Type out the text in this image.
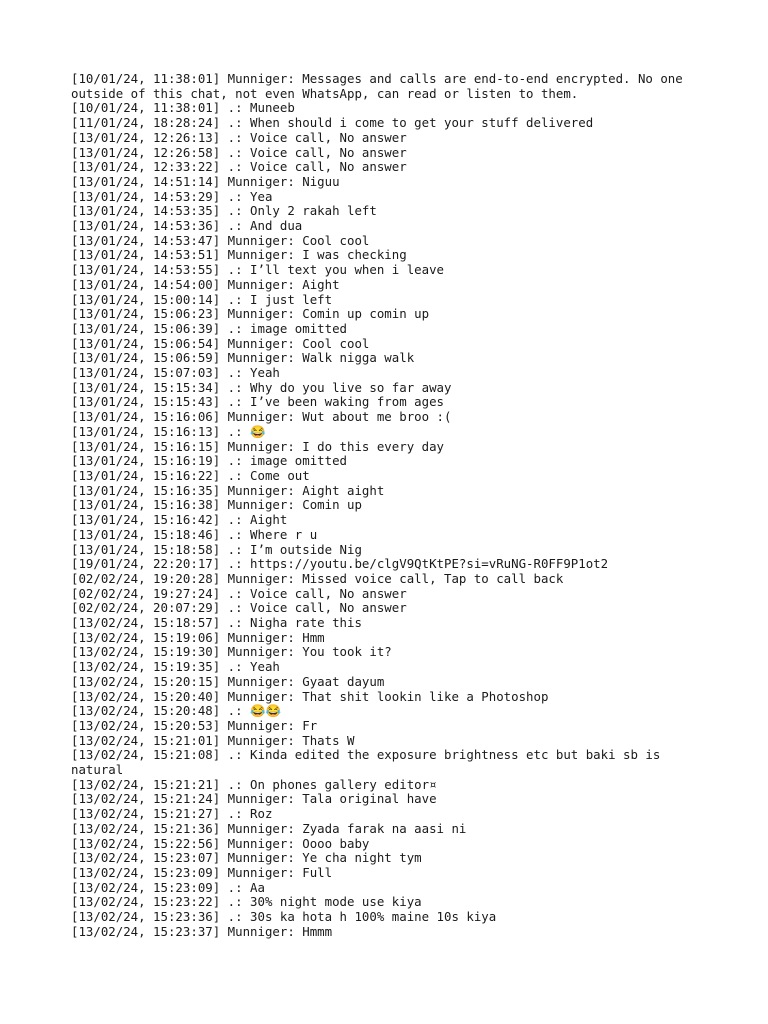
[10/01/24, 11:38:01] Munniger: Messages and calls are end-to-end encrypted. No one outside of this chat, not even WhatsApp, can read or listen to them.
[10/01/24, 11:38:01] .: Muneeb
[11/01/24, 18:28:24] .: When should i come to get your stuff delivered
[13/01/24, 12:26:13] .: Voice call, No answer
[13/01/24, 12:26:58] .: Voice call, No answer
[13/01/24, 12:33:22] .: Voice call, No answer
[13/01/24, 14:51:14] Munniger: Niguu
[13/01/24, 14:53:29] .: Yea
[13/01/24, 14:53:35] .: Only 2 rakah left
[13/01/24, 14:53:36] .: And dua
[13/01/24, 14:53:47] Munniger: Cool cool
[13/01/24, 14:53:51] Munniger: I was checking
[13/01/24, 14:53:55] .: I’ll text you when i leave
[13/01/24, 14:54:00] Munniger: Aight
[13/01/24, 15:00:14] .: I just left
[13/01/24, 15:06:23] Munniger: Comin up comin up
[13/01/24, 15:06:39] .: image omitted
[13/01/24, 15:06:54] Munniger: Cool cool
[13/01/24, 15:06:59] Munniger: Walk nigga walk
[13/01/24, 15:07:03] .: Yeah
[13/01/24, 15:15:34] .: Why do you live so far away
[13/01/24, 15:15:43] .: I’ve been waking from ages
[13/01/24, 15:16:06] Munniger: Wut about me broo :(
[13/01/24, 15:16:13] .: 😂
[13/01/24, 15:16:15] Munniger: I do this every day
[13/01/24, 15:16:19] .: image omitted
[13/01/24, 15:16:22] .: Come out
[13/01/24, 15:16:35] Munniger: Aight aight
[13/01/24, 15:16:38] Munniger: Comin up
[13/01/24, 15:16:42] .: Aight
[13/01/24, 15:18:46] .: Where r u
[13/01/24, 15:18:58] .: I’m outside Nig
[19/01/24, 22:20:17] .: https://youtu.be/clgV9QtKtPE?si=vRuNG-R0FF9P1ot2
[02/02/24, 19:20:28] Munniger: Missed voice call, Tap to call back
[02/02/24, 19:27:24] .: Voice call, No answer
[02/02/24, 20:07:29] .: Voice call, No answer
[13/02/24, 15:18:57] .: Nigha rate this
[13/02/24, 15:19:06] Munniger: Hmm
[13/02/24, 15:19:30] Munniger: You took it?
[13/02/24, 15:19:35] .: Yeah
[13/02/24, 15:20:15] Munniger: Gyaat dayum
[13/02/24, 15:20:40] Munniger: That shit lookin like a Photoshop
[13/02/24, 15:20:48] .: 😂😂
[13/02/24, 15:20:53] Munniger: Fr
[13/02/24, 15:21:01] Munniger: Thats W
[13/02/24, 15:21:08] .: Kinda edited the exposure brightness etc but baki sb is natural
[13/02/24, 15:21:21] .: On phones gallery editor¤
[13/02/24, 15:21:24] Munniger: Tala original have
[13/02/24, 15:21:27] .: Roz
[13/02/24, 15:21:36] Munniger: Zyada farak na aasi ni
[13/02/24, 15:22:56] Munniger: Oooo baby
[13/02/24, 15:23:07] Munniger: Ye cha night tym
[13/02/24, 15:23:09] Munniger: Full
[13/02/24, 15:23:09] .: Aa
[13/02/24, 15:23:22] .: 30% night mode use kiya
[13/02/24, 15:23:36] .: 30s ka hota h 100% maine 10s kiya
[13/02/24, 15:23:37] Munniger: Hmmm
